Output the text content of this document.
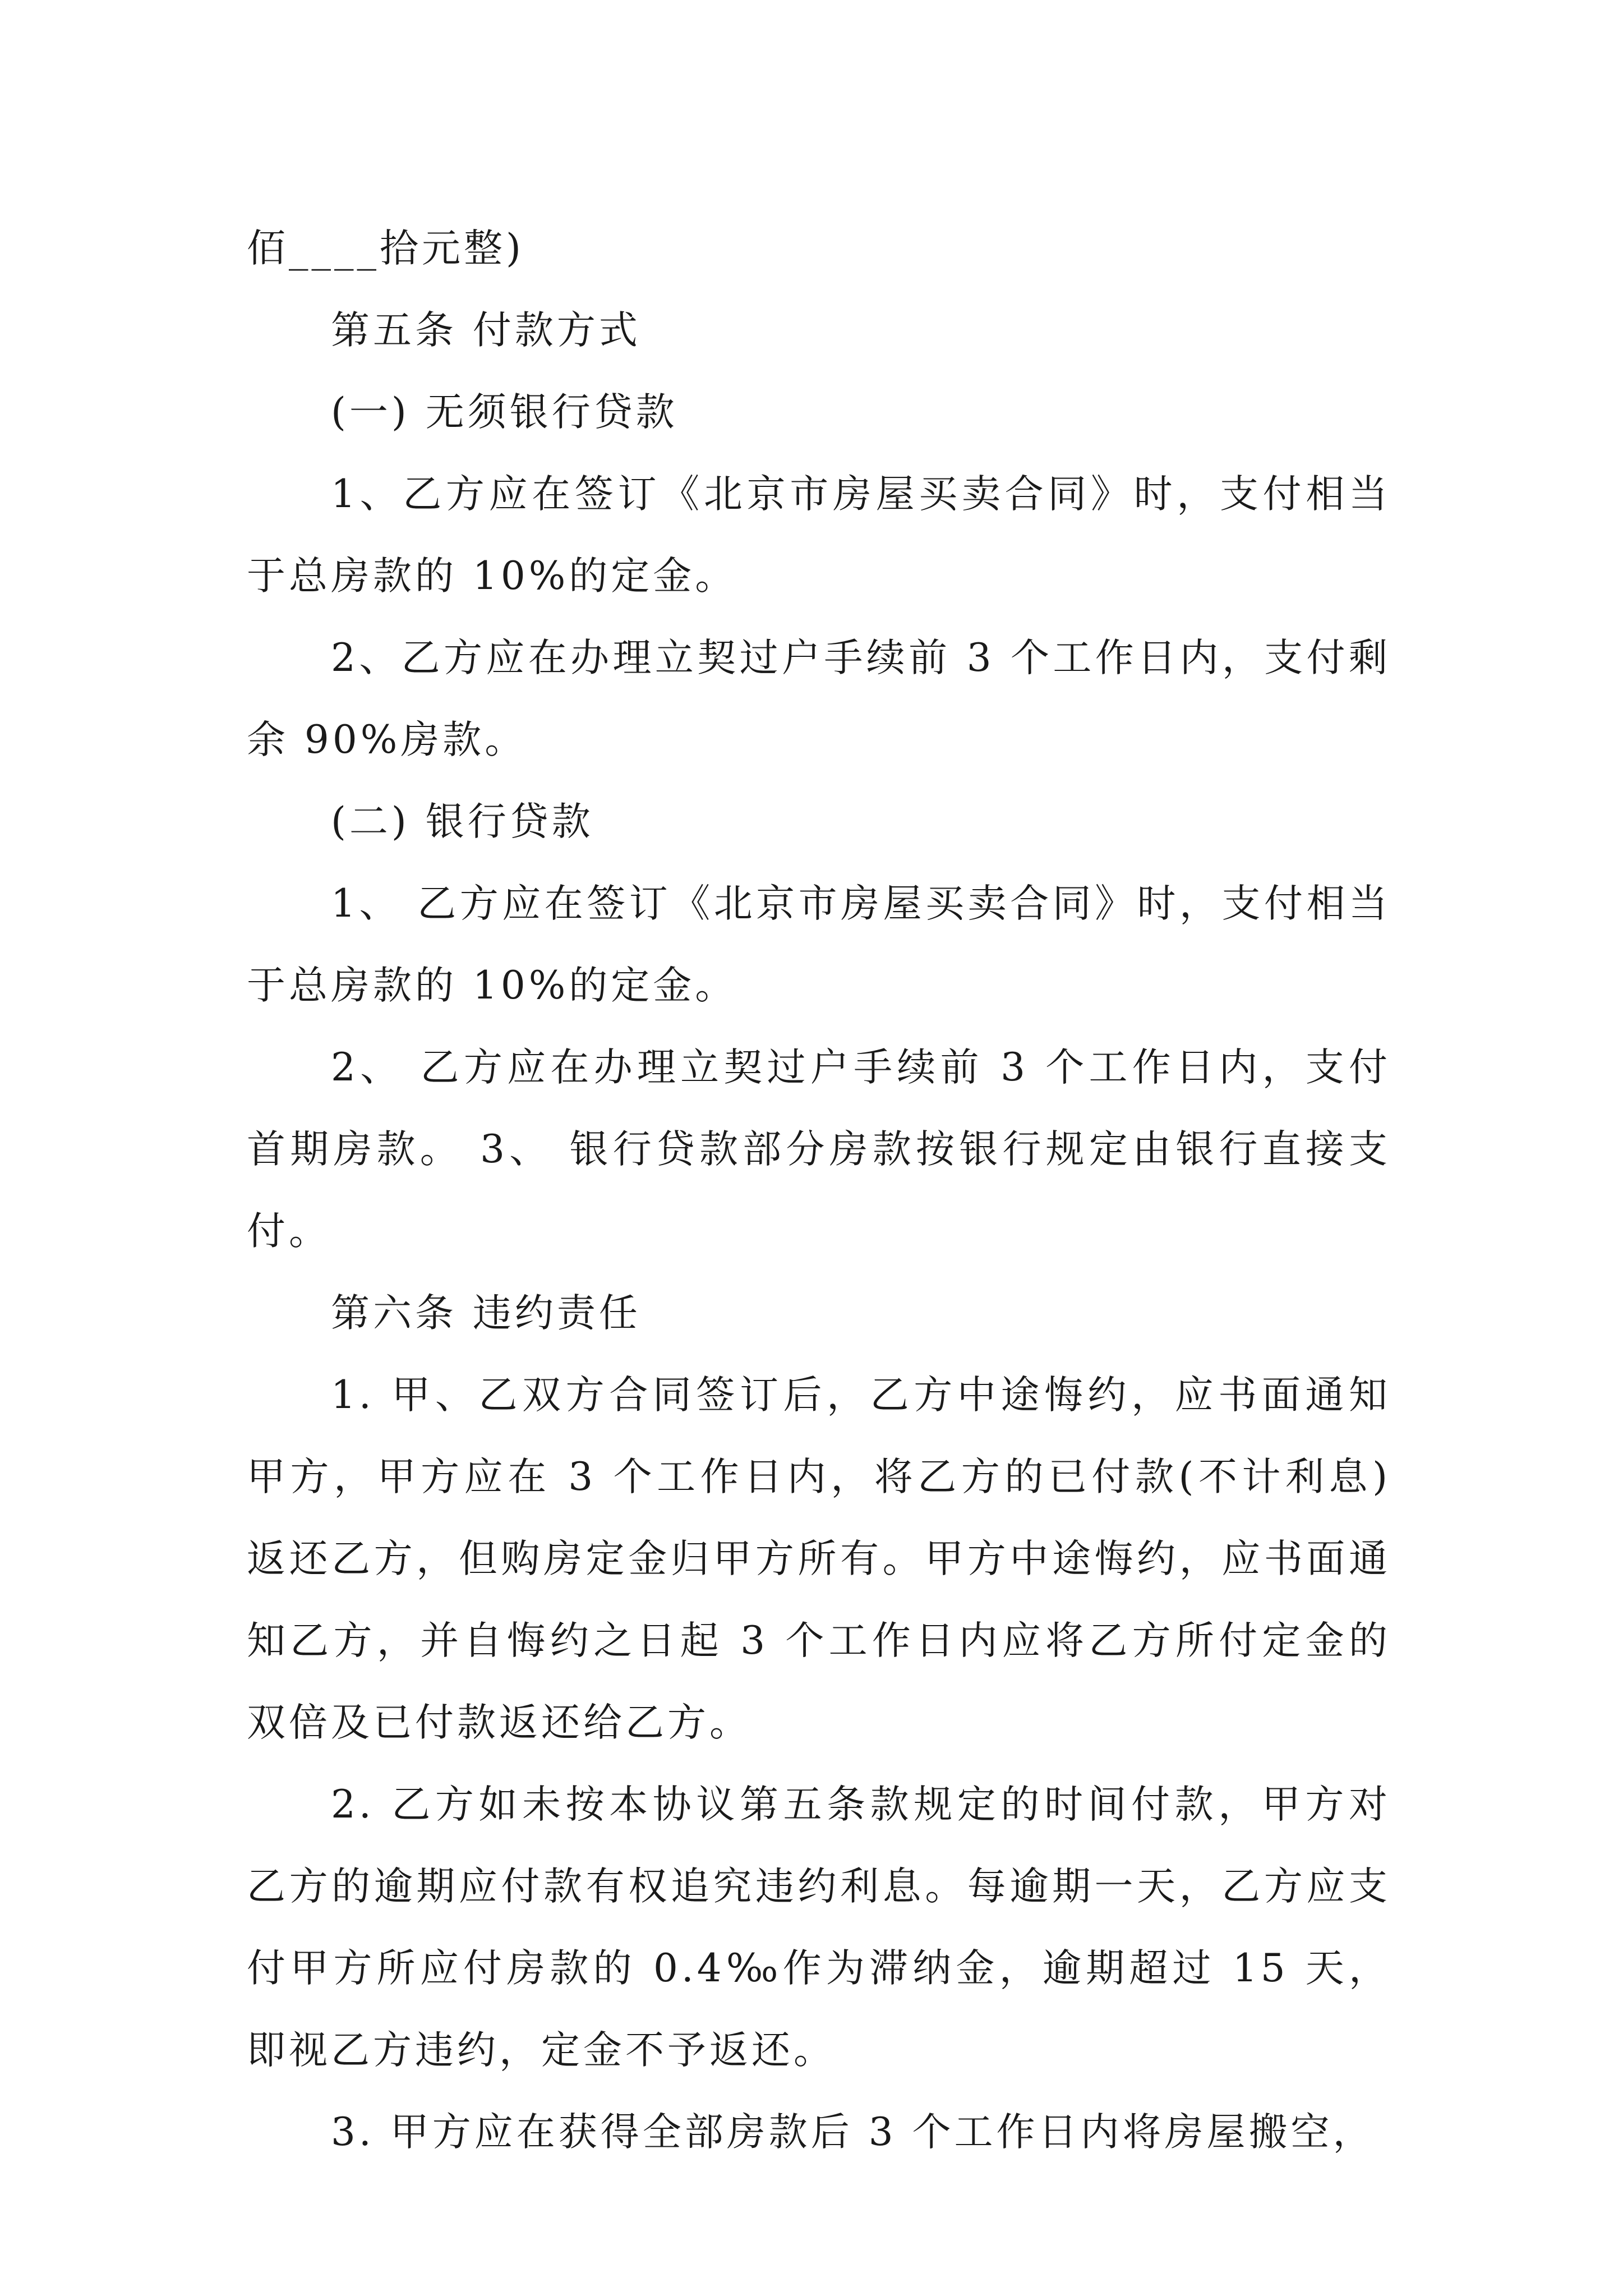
佰____拾元整)

第五条 付款方式

(一) 无须银行贷款

1、乙方应在签订《北京市房屋买卖合同》时，支付相当于总房款的 10%的定金。

2、乙方应在办理立契过户手续前 3 个工作日内，支付剩余 90%房款。

(二) 银行贷款

1、 乙方应在签订《北京市房屋买卖合同》时，支付相当于总房款的 10%的定金。

2、 乙方应在办理立契过户手续前 3 个工作日内，支付首期房款。 3、 银行贷款部分房款按银行规定由银行直接支付。

第六条 违约责任

1. 甲、乙双方合同签订后，乙方中途悔约，应书面通知甲方，甲方应在 3 个工作日内，将乙方的已付款(不计利息)返还乙方，但购房定金归甲方所有。甲方中途悔约，应书面通知乙方，并自悔约之日起 3 个工作日内应将乙方所付定金的双倍及已付款返还给乙方。

2. 乙方如未按本协议第五条款规定的时间付款，甲方对乙方的逾期应付款有权追究违约利息。每逾期一天，乙方应支付甲方所应付房款的 0.4‰作为滞纳金，逾期超过 15 天，即视乙方违约，定金不予返还。

3. 甲方应在获得全部房款后 3 个工作日内将房屋搬空，
